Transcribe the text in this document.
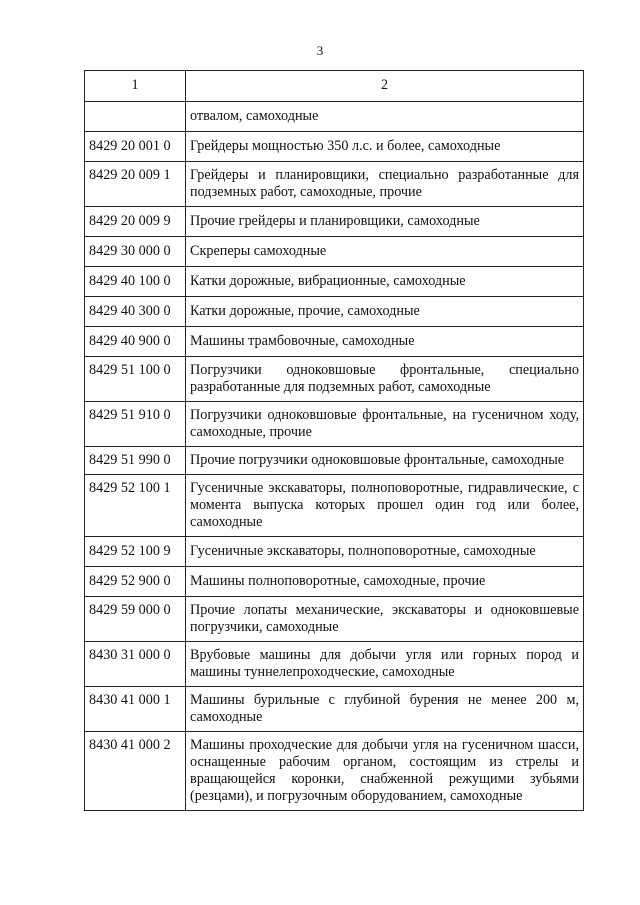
3
1	2
	отвалом, самоходные
8429 20 001 0	Грейдеры мощностью 350 л.с. и более, самоходные
8429 20 009 1	Грейдеры и планировщики, специально разработанные для подземных работ, самоходные, прочие
8429 20 009 9	Прочие грейдеры и планировщики, самоходные
8429 30 000 0	Скреперы самоходные
8429 40 100 0	Катки дорожные, вибрационные, самоходные
8429 40 300 0	Катки дорожные, прочие, самоходные
8429 40 900 0	Машины трамбовочные, самоходные
8429 51 100 0	Погрузчики одноковшовые фронтальные, специально разработанные для подземных работ, самоходные
8429 51 910 0	Погрузчики одноковшовые фронтальные, на гусеничном ходу, самоходные, прочие
8429 51 990 0	Прочие погрузчики одноковшовые фронтальные, самоходные
8429 52 100 1	Гусеничные экскаваторы, полноповоротные, гидравлические, с момента выпуска которых прошел один год или более, самоходные
8429 52 100 9	Гусеничные экскаваторы, полноповоротные, самоходные
8429 52 900 0	Машины полноповоротные, самоходные, прочие
8429 59 000 0	Прочие лопаты механические, экскаваторы и одноковшевые погрузчики, самоходные
8430 31 000 0	Врубовые машины для добычи угля или горных пород и машины туннелепроходческие, самоходные
8430 41 000 1	Машины бурильные с глубиной бурения не менее 200 м, самоходные
8430 41 000 2	Машины проходческие для добычи угля на гусеничном шасси, оснащенные рабочим органом, состоящим из стрелы и вращающейся коронки, снабженной режущими зубьями (резцами), и погрузочным оборудованием, самоходные
